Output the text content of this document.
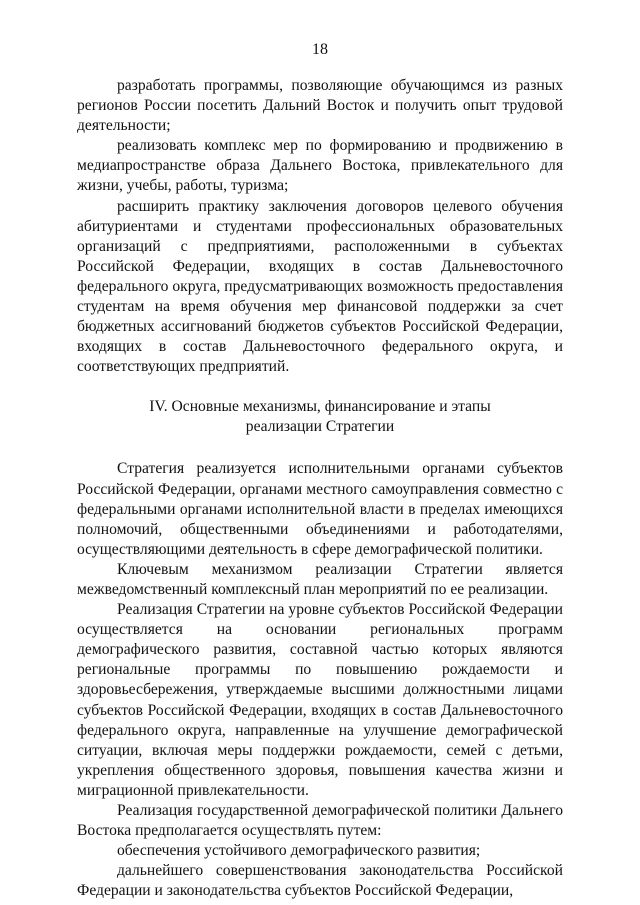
18

разработать программы, позволяющие обучающимся из разных регионов России посетить Дальний Восток и получить опыт трудовой деятельности;

реализовать комплекс мер по формированию и продвижению в медиапространстве образа Дальнего Востока, привлекательного для жизни, учебы, работы, туризма;

расширить практику заключения договоров целевого обучения абитуриентами и студентами профессиональных образовательных организаций с предприятиями, расположенными в субъектах Российской Федерации, входящих в состав Дальневосточного федерального округа, предусматривающих возможность предоставления студентам на время обучения мер финансовой поддержки за счет бюджетных ассигнований бюджетов субъектов Российской Федерации, входящих в состав Дальневосточного федерального округа, и соответствующих предприятий.

IV. Основные механизмы, финансирование и этапы
реализации Стратегии

Стратегия реализуется исполнительными органами субъектов Российской Федерации, органами местного самоуправления совместно с федеральными органами исполнительной власти в пределах имеющихся полномочий, общественными объединениями и работодателями, осуществляющими деятельность в сфере демографической политики.

Ключевым механизмом реализации Стратегии является межведомственный комплексный план мероприятий по ее реализации.

Реализация Стратегии на уровне субъектов Российской Федерации осуществляется на основании региональных программ демографического развития, составной частью которых являются региональные программы по повышению рождаемости и здоровьесбережения, утверждаемые высшими должностными лицами субъектов Российской Федерации, входящих в состав Дальневосточного федерального округа, направленные на улучшение демографической ситуации, включая меры поддержки рождаемости, семей с детьми, укрепления общественного здоровья, повышения качества жизни и миграционной привлекательности.

Реализация государственной демографической политики Дальнего Востока предполагается осуществлять путем:

обеспечения устойчивого демографического развития;

дальнейшего совершенствования законодательства Российской Федерации и законодательства субъектов Российской Федерации,
